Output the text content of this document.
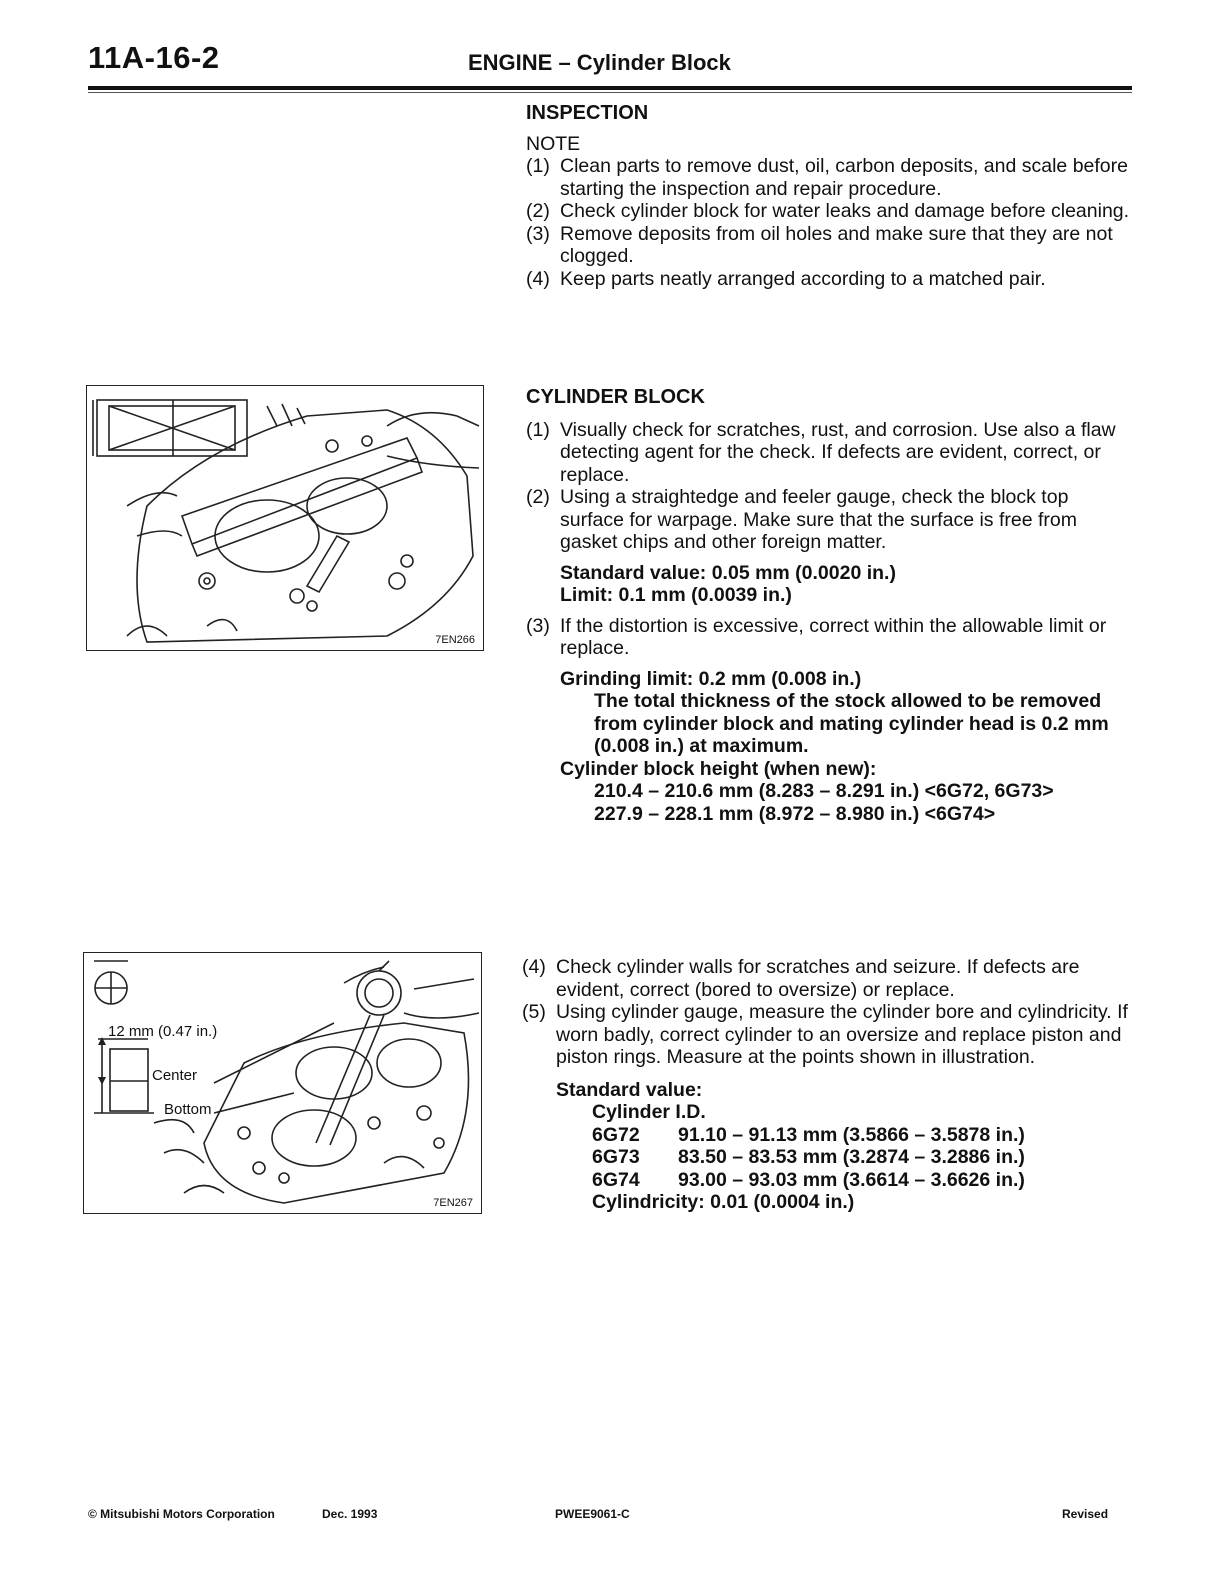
11A-16-2	ENGINE – Cylinder Block
INSPECTION
NOTE
(1) Clean parts to remove dust, oil, carbon deposits, and scale before starting the inspection and repair procedure.
(2) Check cylinder block for water leaks and damage before cleaning.
(3) Remove deposits from oil holes and make sure that they are not clogged.
(4) Keep parts neatly arranged according to a matched pair.
7EN266
CYLINDER BLOCK
(1) Visually check for scratches, rust, and corrosion. Use also a flaw detecting agent for the check. If defects are evident, correct, or replace.
(2) Using a straightedge and feeler gauge, check the block top surface for warpage. Make sure that the surface is free from gasket chips and other foreign matter.
Standard value: 0.05 mm (0.0020 in.)
Limit: 0.1 mm (0.0039 in.)
(3) If the distortion is excessive, correct within the allowable limit or replace.
Grinding limit: 0.2 mm (0.008 in.)
The total thickness of the stock allowed to be removed from cylinder block and mating cylinder head is 0.2 mm (0.008 in.) at maximum.
Cylinder block height (when new):
210.4 – 210.6 mm (8.283 – 8.291 in.) <6G72, 6G73>
227.9 – 228.1 mm (8.972 – 8.980 in.) <6G74>
12 mm (0.47 in.)
Center
Bottom
7EN267
(4) Check cylinder walls for scratches and seizure. If defects are evident, correct (bored to oversize) or replace.
(5) Using cylinder gauge, measure the cylinder bore and cylindricity. If worn badly, correct cylinder to an oversize and replace piston and piston rings. Measure at the points shown in illustration.
Standard value:
Cylinder I.D.
6G72	91.10 – 91.13 mm (3.5866 – 3.5878 in.)
6G73	83.50 – 83.53 mm (3.2874 – 3.2886 in.)
6G74	93.00 – 93.03 mm (3.6614 – 3.6626 in.)
Cylindricity: 0.01 (0.0004 in.)
© Mitsubishi Motors Corporation	Dec. 1993	PWEE9061-C	Revised
